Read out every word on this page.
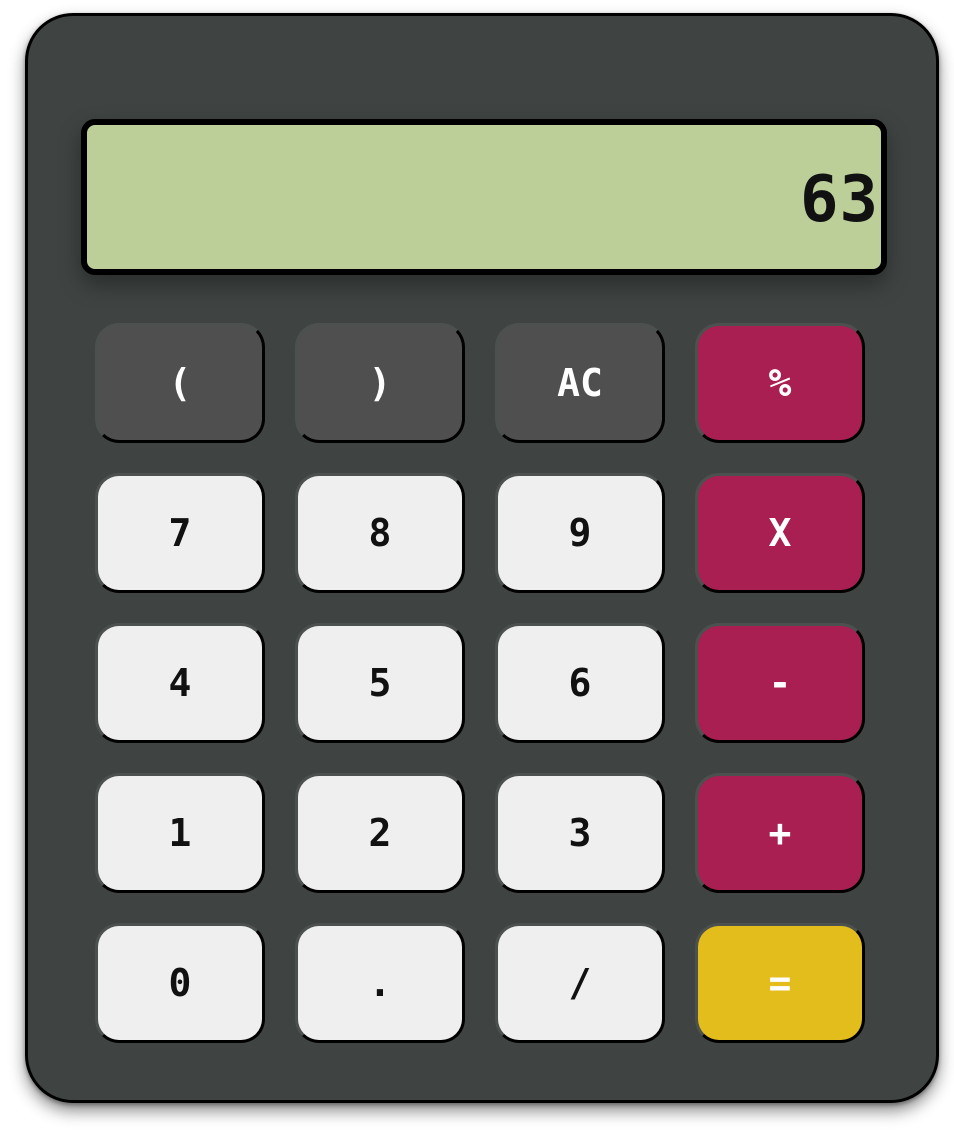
63
(	)	AC	%
7	8	9	X
4	5	6	-
1	2	3	+
0	.	/	=
